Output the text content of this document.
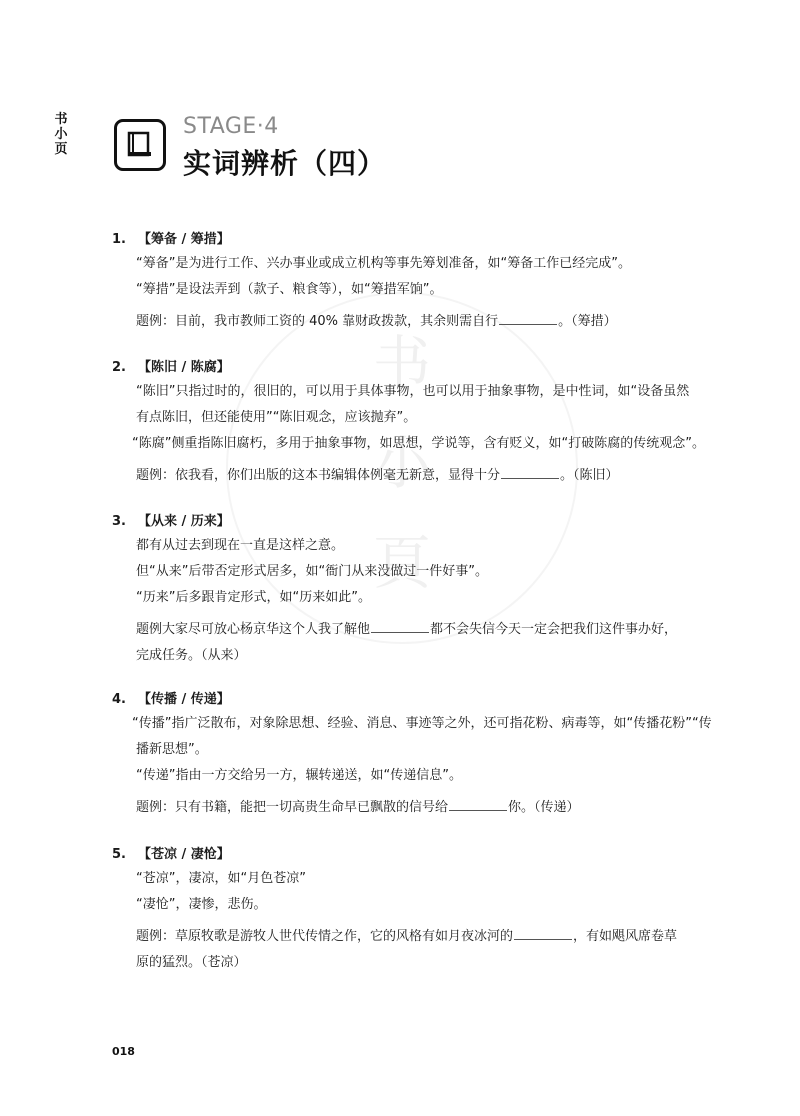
书
小
页
书
小
頁
STAGE·4
实词辨析（四）
1. 【筹备 / 筹措】
“筹备”是为进行工作、兴办事业或成立机构等事先筹划准备，如“筹备工作已经完成”。
“筹措”是设法弄到（款子、粮食等），如“筹措军饷”。
题例：目前，我市教师工资的 40% 靠财政拨款，其余则需自行	。（筹措）
2. 【陈旧 / 陈腐】
“陈旧”只指过时的，很旧的，可以用于具体事物，也可以用于抽象事物，是中性词，如“设备虽然
有点陈旧，但还能使用”“陈旧观念，应该抛弃”。
“陈腐”侧重指陈旧腐朽，多用于抽象事物，如思想，学说等，含有贬义，如“打破陈腐的传统观念”。
题例：依我看，你们出版的这本书编辑体例毫无新意，显得十分	。（陈旧）
3. 【从来 / 历来】
都有从过去到现在一直是这样之意。
但“从来”后带否定形式居多，如“衙门从来没做过一件好事”。
“历来”后多跟肯定形式，如“历来如此”。
题例大家尽可放心杨京华这个人我了解他	都不会失信今天一定会把我们这件事办好，
完成任务。（从来）
4. 【传播 / 传递】
“传播”指广泛散布，对象除思想、经验、消息、事迹等之外，还可指花粉、病毒等，如“传播花粉”“传
播新思想”。
“传递”指由一方交给另一方，辗转递送，如“传递信息”。
题例：只有书籍，能把一切高贵生命早已飘散的信号给	你。（传递）
5. 【苍凉 / 凄怆】
“苍凉”，凄凉，如“月色苍凉”
“凄怆”，凄惨，悲伤。
题例：草原牧歌是游牧人世代传情之作，它的风格有如月夜冰河的	，有如飓风席卷草
原的猛烈。（苍凉）
018
